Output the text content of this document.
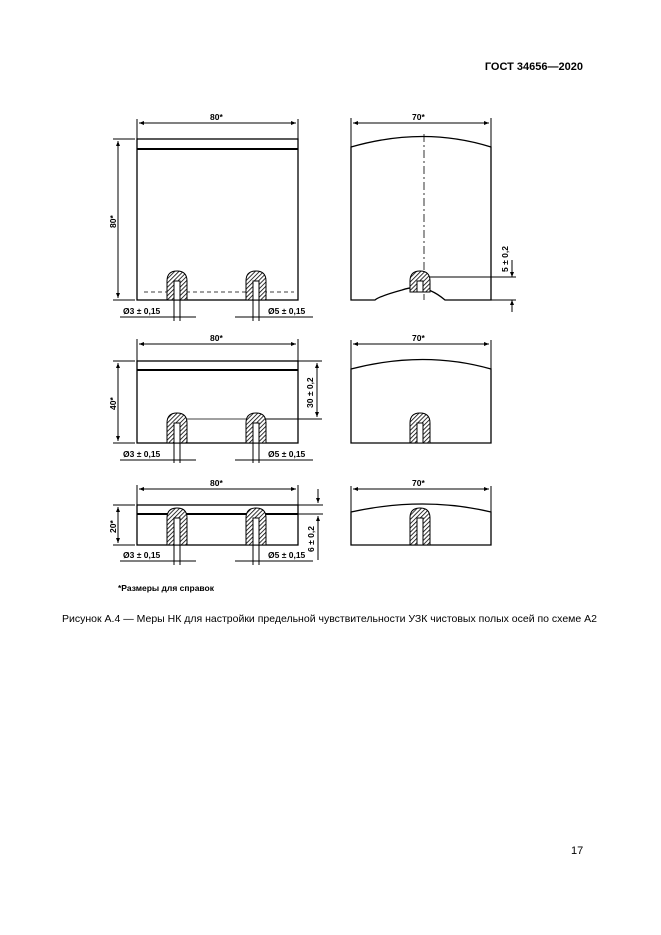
ГОСТ 34656—2020
80*	70*
80*
Ø3 ± 0,15	Ø5 ± 0,15
5 ± 0,2
80*	70*
40*	30 ± 0,2
Ø3 ± 0,15	Ø5 ± 0,15
80*	70*
20*	6 ± 0,2
Ø3 ± 0,15	Ø5 ± 0,15
*Размеры для справок
Рисунок А.4 — Меры НК для настройки предельной чувствительности УЗК чистовых полых осей по схеме А2
17
